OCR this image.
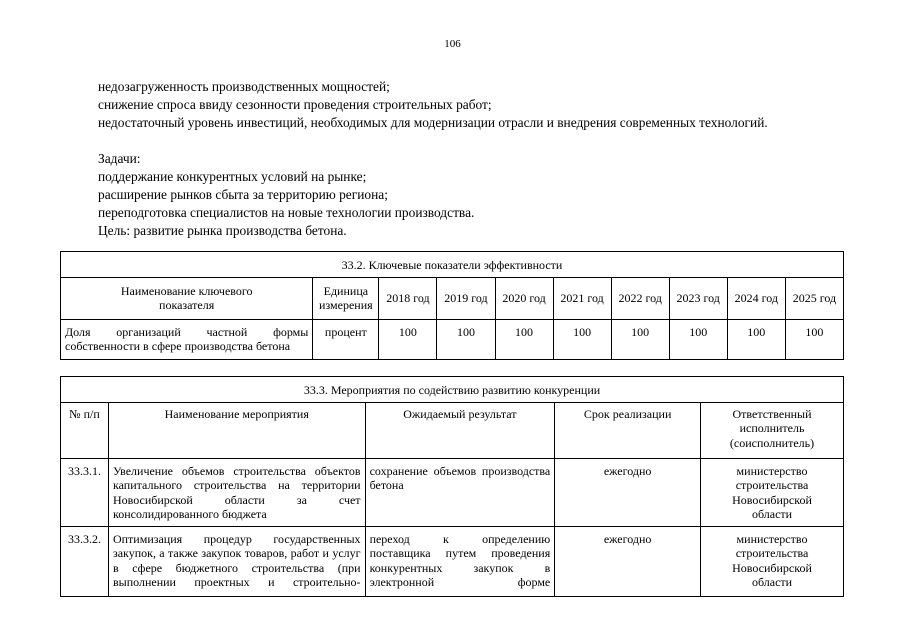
106
недозагруженность производственных мощностей;
снижение спроса ввиду сезонности проведения строительных работ;
недостаточный уровень инвестиций, необходимых для модернизации отрасли и внедрения современных технологий.
Задачи:
поддержание конкурентных условий на рынке;
расширение рынков сбыта за территорию региона;
переподготовка специалистов на новые технологии производства.
Цель: развитие рынка производства бетона.
33.2. Ключевые показатели эффективности									
Наименование ключевого показателя	Единица измерения	2018 год	2019 год	2020 год	2021 год	2022 год	2023 год	2024 год	2025 год
Доля организаций частной формы собственности в сфере производства бетона	процент	100	100	100	100	100	100	100	100
33.3. Мероприятия по содействию развитию конкуренции				
№ п/п	Наименование мероприятия	Ожидаемый результат	Срок реализации	Ответственный исполнитель (соисполнитель)
33.3.1.	Увеличение объемов строительства объектов капитального строительства на территории Новосибирской области за счет консолидированного бюджета	сохранение объемов производства бетона	ежегодно	министерство строительства Новосибирской области
33.3.2.	Оптимизация процедур государственных закупок, а также закупок товаров, работ и услуг в сфере бюджетного строительства (при выполнении проектных и строительно-	переход к определению поставщика путем проведения конкурентных закупок в электронной форме	ежегодно	министерство строительства Новосибирской области
